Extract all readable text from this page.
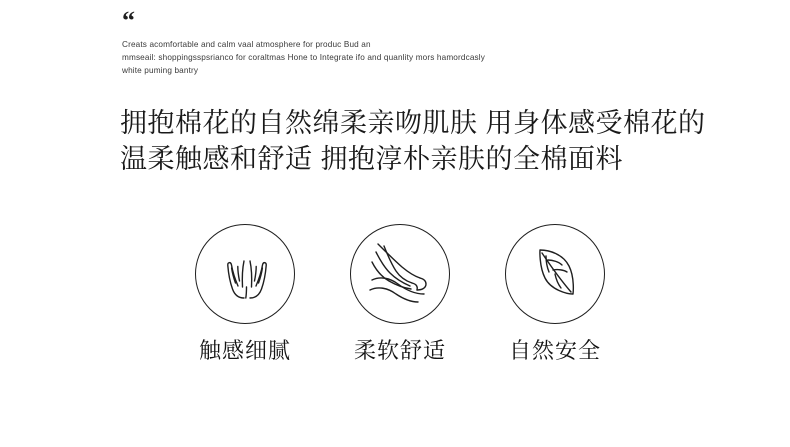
“
Creats acomfortable and calm vaal atmosphere for produc Bud an
mmseail: shoppingsspsrianco for coraltmas Hone to Integrate ifo and quanlity mors hamordcasly
white puming bantry
拥抱棉花的自然绵柔亲吻肌肤 用身体感受棉花的
温柔触感和舒适 拥抱淳朴亲肤的全棉面料
触感细腻	柔软舒适	自然安全
